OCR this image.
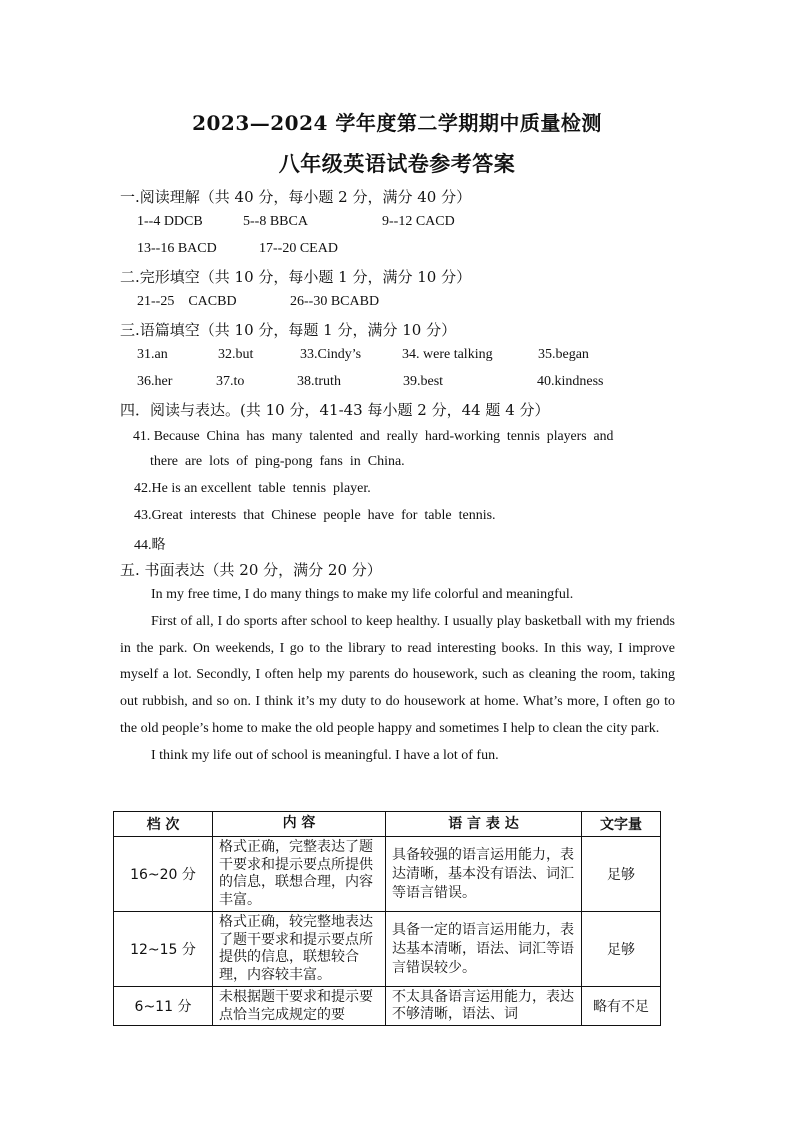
2023—2024 学年度第二学期期中质量检测
八年级英语试卷参考答案
一.阅读理解（共 40 分，每小题 2 分，满分 40 分）
1--4 DDCB	5--8 BBCA	9--12 CACD
13--16 BACD	17--20 CEAD
二.完形填空（共 10 分，每小题 1 分，满分 10 分）
21--25    CACBD	26--30 BCABD
三.语篇填空（共 10 分，每题 1 分，满分 10 分）
31.an	32.but	33.Cindy’s	34. were talking	35.began
36.her	37.to	38.truth	39.best	40.kindness
四．阅读与表达。(共 10 分，41-43 每小题 2 分，44 题 4 分）
41. Because  China  has  many  talented  and  really  hard-working  tennis  players  and
there  are  lots  of  ping-pong  fans  in  China.
42.He is an excellent  table  tennis  player.
43.Great  interests  that  Chinese  people  have  for  table  tennis.
44.略
五. 书面表达（共 20 分，满分 20 分）

In my free time, I do many things to make my life colorful and meaningful.

First of all, I do sports after school to keep healthy. I usually play basketball with my friends in the park. On weekends, I go to the library to read interesting books. In this way, I improve myself a lot. Secondly, I often help my parents do housework, such as cleaning the room, taking out rubbish, and so on. I think it’s my duty to do housework at home. What’s more, I often go to the old people’s home to make the old people happy and sometimes I help to clean the city park.

I think my life out of school is meaningful. I have a lot of fun.

档 次	内 容	语 言 表 达	文字量
16~20 分	格式正确，完整表达了题干要求和提示要点所提供的信息，联想合理，内容丰富。	具备较强的语言运用能力，表达清晰，基本没有语法、词汇等语言错误。	足够
12~15 分	格式正确，较完整地表达了题干要求和提示要点所提供的信息，联想较合理，内容较丰富。	具备一定的语言运用能力，表达基本清晰，语法、词汇等语言错误较少。	足够
6~11 分	未根据题干要求和提示要点恰当完成规定的要	不太具备语言运用能力，表达不够清晰，语法、词	略有不足
